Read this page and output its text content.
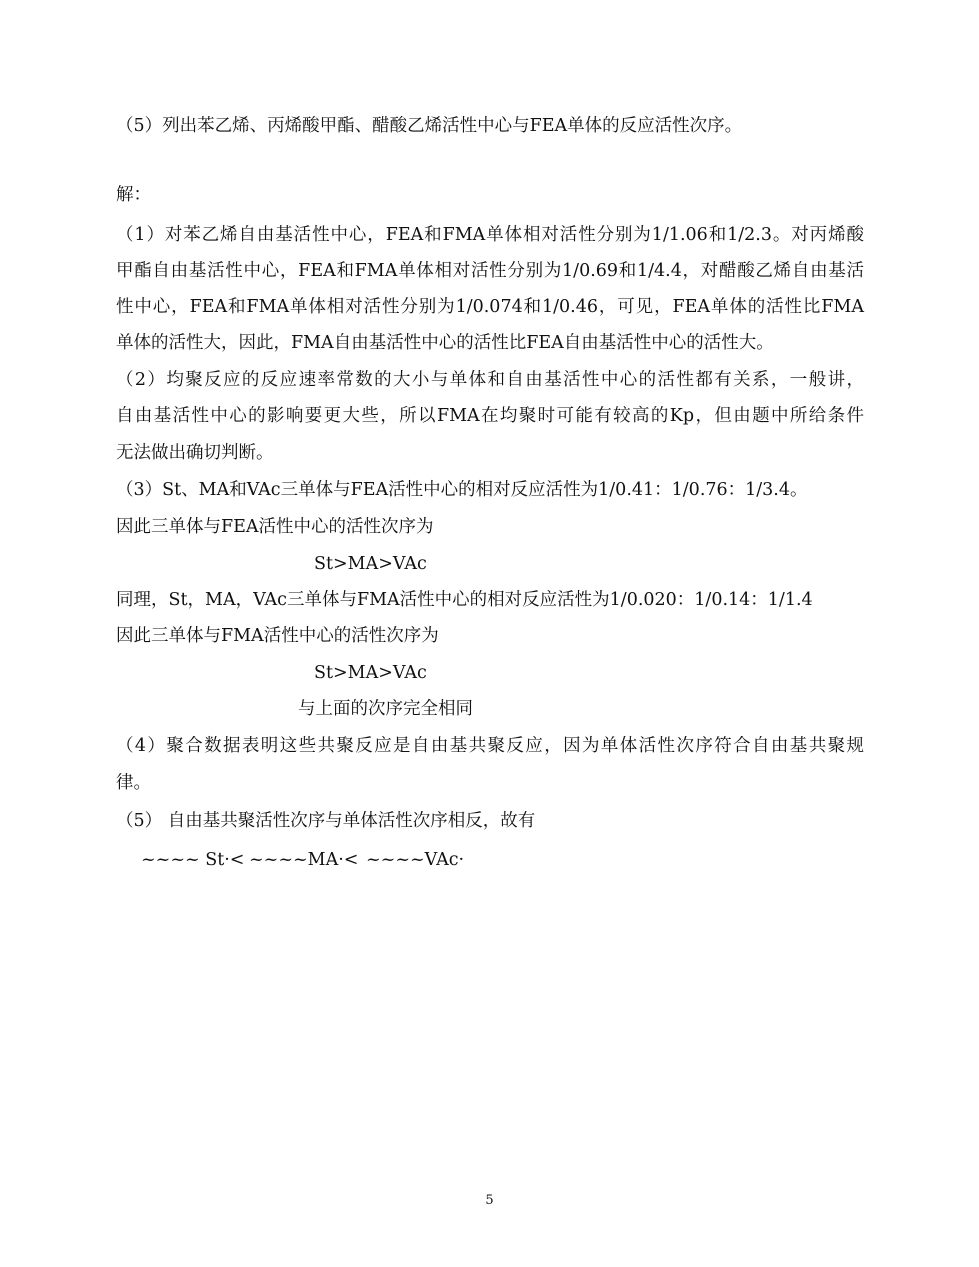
（5）列出苯乙烯、丙烯酸甲酯、醋酸乙烯活性中心与FEA单体的反应活性次序。
解：
（1）对苯乙烯自由基活性中心，FEA和FMA单体相对活性分别为1/1.06和1/2.3。对丙烯酸
甲酯自由基活性中心，FEA和FMA单体相对活性分别为1/0.69和1/4.4，对醋酸乙烯自由基活
性中心，FEA和FMA单体相对活性分别为1/0.074和1/0.46，可见，FEA单体的活性比FMA
单体的活性大，因此，FMA自由基活性中心的活性比FEA自由基活性中心的活性大。
（2）均聚反应的反应速率常数的大小与单体和自由基活性中心的活性都有关系，一般讲，
自由基活性中心的影响要更大些，所以FMA在均聚时可能有较高的Kp，但由题中所给条件
无法做出确切判断。
（3）St、MA和VAc三单体与FEA活性中心的相对反应活性为1/0.41：1/0.76：1/3.4。
因此三单体与FEA活性中心的活性次序为
St>MA>VAc
同理，St，MA，VAc三单体与FMA活性中心的相对反应活性为1/0.020：1/0.14：1/1.4
因此三单体与FMA活性中心的活性次序为
St>MA>VAc
与上面的次序完全相同
（4）聚合数据表明这些共聚反应是自由基共聚反应，因为单体活性次序符合自由基共聚规
律。
（5） 自由基共聚活性次序与单体活性次序相反，故有
~~~~ St·< ~~~~MA·< ~~~~VAc·
5
